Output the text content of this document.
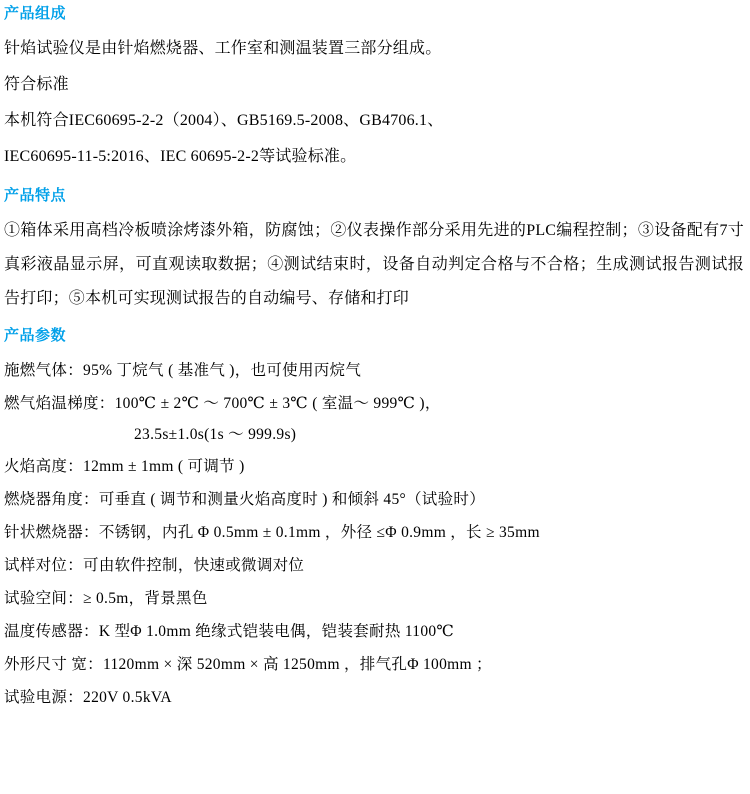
产品组成

针焰试验仪是由针焰燃烧器、工作室和测温装置三部分组成。

符合标准

本机符合IEC60695-2-2（2004）、GB5169.5-2008、GB4706.1、

IEC60695-11-5:2016、IEC 60695-2-2等试验标准。

产品特点

①箱体采用高档冷板喷涂烤漆外箱，防腐蚀；②仪表操作部分采用先进的PLC编程控制；③设备配有7寸真彩液晶显示屏，可直观读取数据；④测试结束时，设备自动判定合格与不合格；生成测试报告测试报告打印；⑤本机可实现测试报告的自动编号、存储和打印

产品参数

施燃气体：95% 丁烷气 ( 基准气 )，也可使用丙烷气

燃气焰温梯度：100℃ ± 2℃ ～ 700℃ ± 3℃ ( 室温～ 999℃ )，

23.5s±1.0s(1s ～ 999.9s)

火焰高度：12mm ± 1mm ( 可调节 )

燃烧器角度：可垂直 ( 调节和测量火焰高度时 ) 和倾斜 45°（试验时）

针状燃烧器：不锈钢，内孔 Φ 0.5mm ± 0.1mm ，外径 ≤Φ 0.9mm ，长 ≥ 35mm

试样对位：可由软件控制，快速或微调对位

试验空间：≥ 0.5m，背景黑色

温度传感器：K 型Φ 1.0mm 绝缘式铠装电偶，铠装套耐热 1100℃

外形尺寸 宽：1120mm × 深 520mm × 高 1250mm ，排气孔Φ 100mm ；

试验电源：220V 0.5kVA
